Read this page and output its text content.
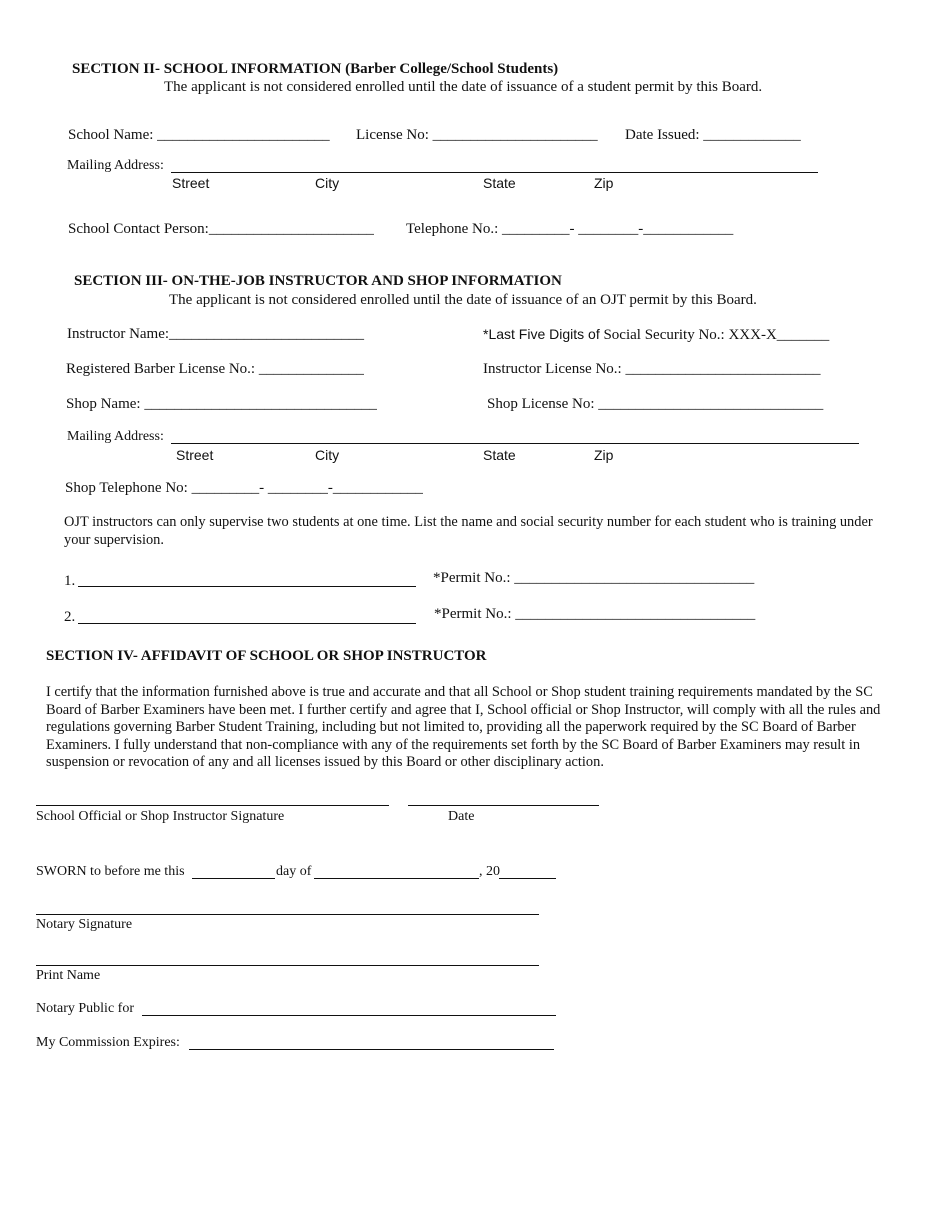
SECTION II- SCHOOL INFORMATION (Barber College/School Students)
The applicant is not considered enrolled until the date of issuance of a student permit by this Board.
School Name: _______________________ License No: ______________________ Date Issued: _____________
Mailing Address:
Street	City	State	Zip
School Contact Person:______________________ Telephone No.: _________- ________-____________
SECTION III- ON-THE-JOB INSTRUCTOR AND SHOP INFORMATION
The applicant is not considered enrolled until the date of issuance of an OJT permit by this Board.
Instructor Name:__________________________	*Last Five Digits of Social Security No.: XXX-X_______
Registered Barber License No.: ______________	Instructor License No.: __________________________
Shop Name: _______________________________	Shop License No: ______________________________
Mailing Address:
Street	City	State	Zip
Shop Telephone No: _________- ________-____________
OJT instructors can only supervise two students at one time. List the name and social security number for each student who is training under your supervision.
1.	*Permit No.: ________________________________
2.	*Permit No.: ________________________________
SECTION IV- AFFIDAVIT OF SCHOOL OR SHOP INSTRUCTOR
I certify that the information furnished above is true and accurate and that all School or Shop student training requirements mandated by the SC Board of Barber Examiners have been met. I further certify and agree that I, School official or Shop Instructor, will comply with all the rules and regulations governing Barber Student Training, including but not limited to, providing all the paperwork required by the SC Board of Barber Examiners. I fully understand that non-compliance with any of the requirements set forth by the SC Board of Barber Examiners may result in suspension or revocation of any and all licenses issued by this Board or other disciplinary action.
School Official or Shop Instructor Signature	Date
SWORN to before me this	day of	, 20
Notary Signature
Print Name
Notary Public for
My Commission Expires:
